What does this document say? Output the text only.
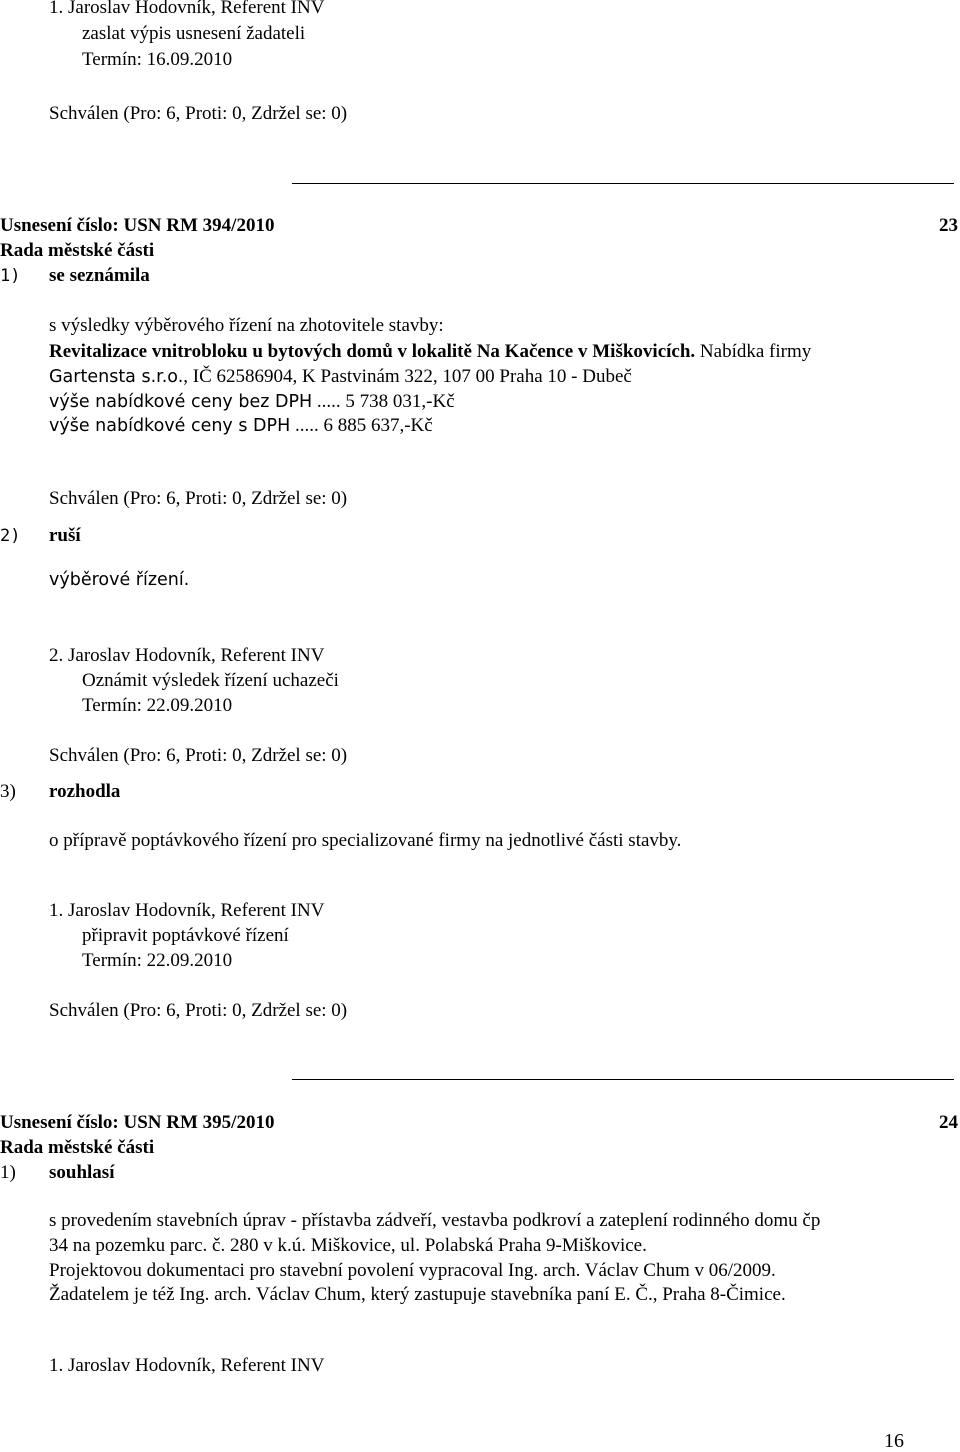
1. Jaroslav Hodovník, Referent INV
zaslat výpis usnesení žadateli
Termín: 16.09.2010
Schválen (Pro: 6, Proti: 0, Zdržel se: 0)
Usnesení číslo: USN RM 394/2010	23
Rada městské části
1) se seznámila
s výsledky výběrového řízení na zhotovitele stavby:
Revitalizace vnitrobloku u bytových domů v lokalitě Na Kačence v Miškovicích. Nabídka firmy
Gartensta s.r.o., IČ 62586904, K Pastvinám 322, 107 00 Praha 10 - Dubeč
výše nabídkové ceny bez DPH ..... 5 738 031,-Kč
výše nabídkové ceny s DPH ..... 6 885 637,-Kč
Schválen (Pro: 6, Proti: 0, Zdržel se: 0)
2) ruší
výběrové řízení.
2. Jaroslav Hodovník, Referent INV
Oznámit výsledek řízení uchazeči
Termín: 22.09.2010
Schválen (Pro: 6, Proti: 0, Zdržel se: 0)
3) rozhodla
o přípravě poptávkového řízení pro specializované firmy na jednotlivé části stavby.
1. Jaroslav Hodovník, Referent INV
připravit poptávkové řízení
Termín: 22.09.2010
Schválen (Pro: 6, Proti: 0, Zdržel se: 0)
Usnesení číslo: USN RM 395/2010	24
Rada městské části
1) souhlasí
s provedením stavebních úprav - přístavba zádveří, vestavba podkroví a zateplení rodinného domu čp
34 na pozemku parc. č. 280 v k.ú. Miškovice, ul. Polabská Praha 9-Miškovice.
Projektovou dokumentaci pro stavební povolení vypracoval Ing. arch. Václav Chum v 06/2009.
Žadatelem je též Ing. arch. Václav Chum, který zastupuje stavebníka paní E. Č., Praha 8-Čimice.
1. Jaroslav Hodovník, Referent INV
16
